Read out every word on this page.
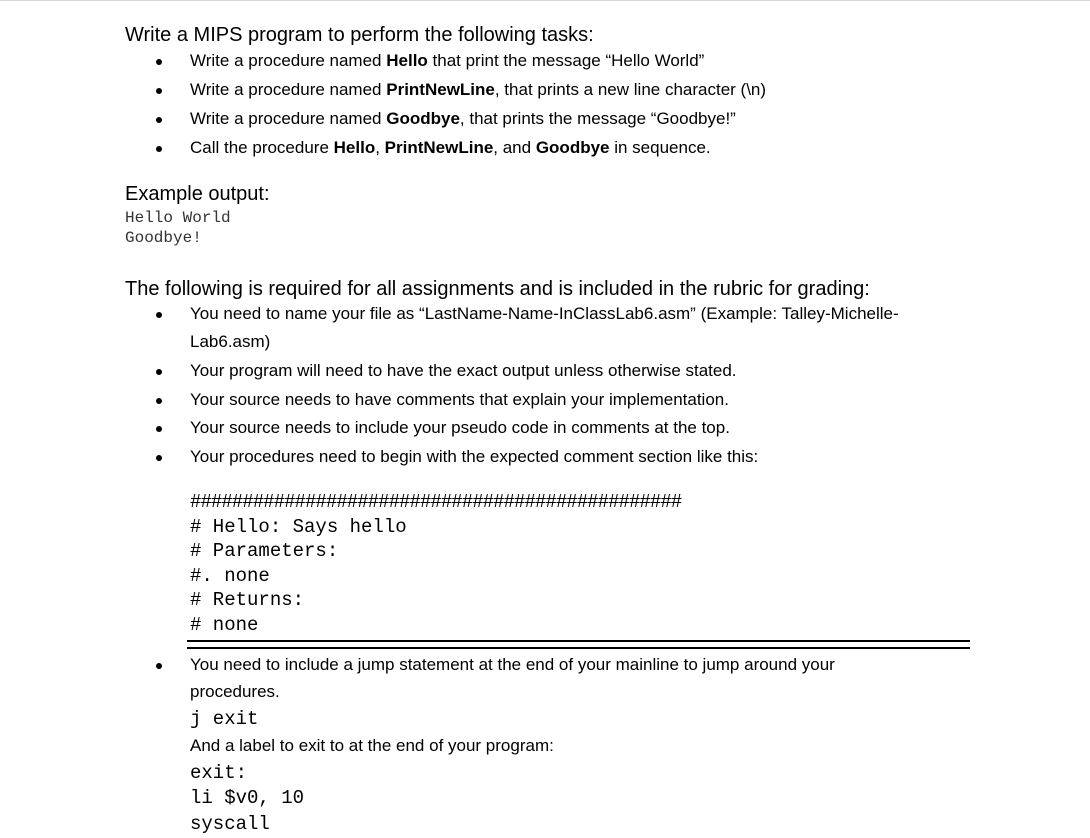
Write a MIPS program to perform the following tasks:
Write a procedure named Hello that print the message “Hello World”
Write a procedure named PrintNewLine, that prints a new line character (\n)
Write a procedure named Goodbye, that prints the message “Goodbye!”
Call the procedure Hello, PrintNewLine, and Goodbye in sequence.
Example output:
Hello World
Goodbye!
The following is required for all assignments and is included in the rubric for grading:
You need to name your file as “LastName-Name-InClassLab6.asm” (Example: Talley-Michelle-
Lab6.asm)
Your program will need to have the exact output unless otherwise stated.
Your source needs to have comments that explain your implementation.
Your source needs to include your pseudo code in comments at the top.
Your procedures need to begin with the expected comment section like this:
###############################################
# Hello: Says hello
# Parameters:
#. none
# Returns:
# none
You need to include a jump statement at the end of your mainline to jump around your
procedures.
j exit
And a label to exit to at the end of your program:
exit:
li $v0, 10
syscall
